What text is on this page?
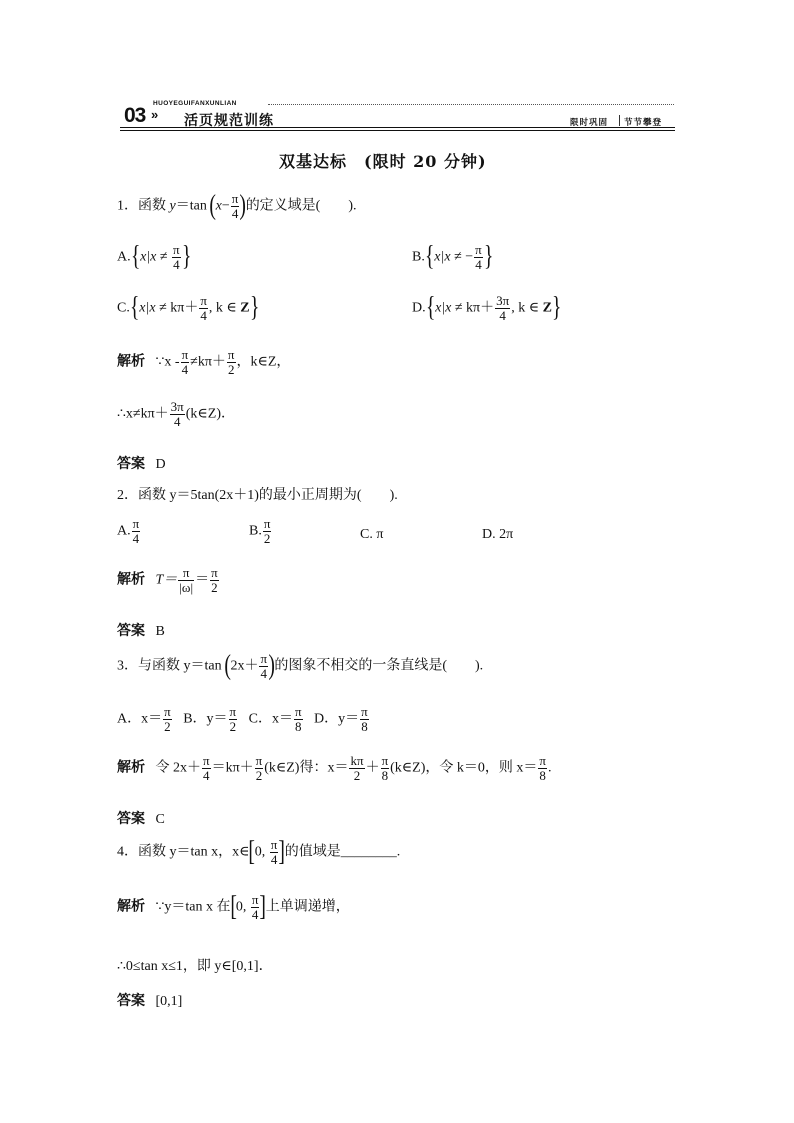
HUOYEGUIFANXUNLIAN
03 » 活页规范训练	限时巩固 节节攀登
双基达标　(限时 20 分钟)
1．函数 y＝tan ($x- \frac{\pi}{4}$ )的定义域是(　　).
$A.\{x|x \ne \frac{\pi}{4}$ }	B.{x|x ≠ − $\frac{\pi}{4}$ }
$C.\{x|x \ne k\pi+ \frac{\pi}{4}$ , k ∈ Z}	$D.\{x|x \ne k\pi+ \frac{3\pi}{4}$ , k ∈ Z}
解析 ∵x - $\frac{\pi}{4} \ne k\pi+ \frac{\pi}{2}$ ，k∈Z，
∴x≠kπ＋ $\frac{3\pi}{4}$ (k∈Z)．
答案 D
2．函数 y＝5tan(2x＋1)的最小正周期为(　　).
A. $\frac{\pi}{4}$	B. $\frac{\pi}{2}$	C. π	D. 2π
解析 $T= \frac{\pi}{|\omega|} = \frac{\pi}{2}$
答案 B
3．与函数 y＝tan ($2x+ \frac{\pi}{4}$ )的图象不相交的一条直线是(　　).
A．$x= \frac{\pi}{2}$ B．$y= \frac{\pi}{2}$ C．$x= \frac{\pi}{8}$ D．$y= \frac{\pi}{8}$
解析 令 $2x+ \frac{\pi}{4} =k\pi+ \frac{\pi}{2}$ (k∈Z)得：$x= \frac{k\pi}{2} + \frac{\pi}{8}$ (k∈Z)，令 k＝0，则 $x= \frac{\pi}{8}$ .
答案 C
4．函数 y＝tan x，x∈[0, $\frac{\pi}{4}$ ]的值域是________.
解析 ∵y＝tan x 在[0, $\frac{\pi}{4}$ ]上单调递增，
∴0≤tan x≤1，即 y∈[0,1]．
答案 [0,1]
